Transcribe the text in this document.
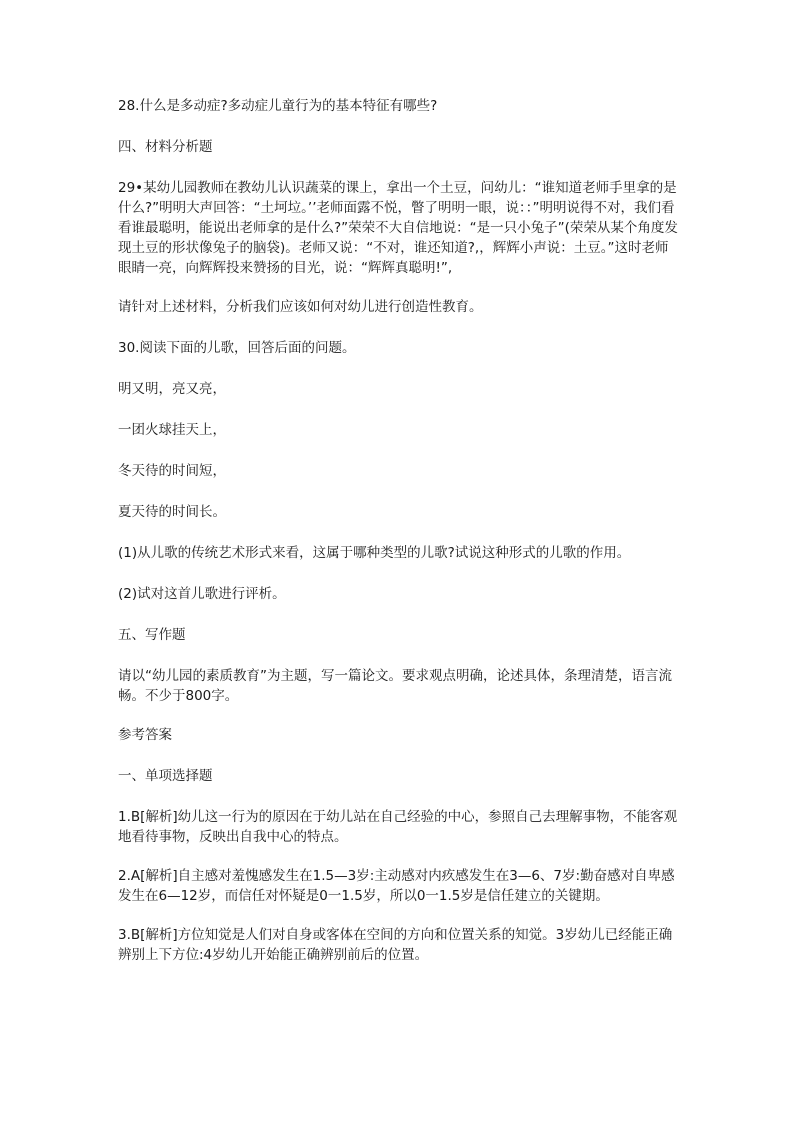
28.什么是多动症?多动症儿童行为的基本特征有哪些?

四、材料分析题

29•某幼儿园教师在教幼儿认识蔬菜的课上，拿出一个土豆，问幼儿：“谁知道老师手里拿的是什么?”明明大声回答：“土坷垃。’’老师面露不悦，瞥了明明一眼，说：：”明明说得不对，我们看看谁最聪明，能说出老师拿的是什么?”荣荣不大自信地说：“是一只小兔子”(荣荣从某个角度发现土豆的形状像兔子的脑袋)。老师又说：“不对，谁还知道?,，辉辉小声说：土豆。”这时老师眼睛一亮，向辉辉投来赞扬的目光，说：“辉辉真聪明!”,

请针对上述材料，分析我们应该如何对幼儿进行创造性教育。

30.阅读下面的儿歌，回答后面的问题。

明又明，亮又亮，

一团火球挂天上，

冬天待的时间短，

夏天待的时间长。

(1)从儿歌的传统艺术形式来看，这属于哪种类型的儿歌?试说这种形式的儿歌的作用。

(2)试对这首儿歌进行评析。

五、写作题

请以“幼儿园的素质教育”为主题，写一篇论文。要求观点明确，论述具体，条理清楚，语言流畅。不少于800字。

参考答案

一、单项选择题

1.B[解析]幼儿这一行为的原因在于幼儿站在自己经验的中心，参照自己去理解事物，不能客观地看待事物，反映出自我中心的特点。

2.A[解析]自主感对羞愧感发生在1.5—3岁:主动感对内疚感发生在3—6、7岁:勤奋感对自卑感发生在6—12岁，而信任对怀疑是0一1.5岁，所以0一1.5岁是信任建立的关键期。

3.B[解析]方位知觉是人们对自身或客体在空间的方向和位置关系的知觉。3岁幼儿已经能正确辨别上下方位:4岁幼儿开始能正确辨别前后的位置。
